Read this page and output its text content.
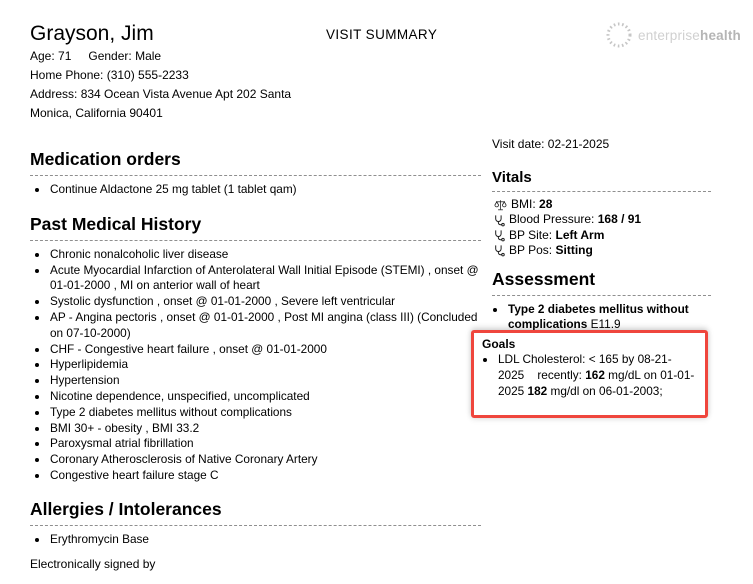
Grayson, Jim	VISIT SUMMARY	enterprisehealth
Age: 71 Gender: Male
Home Phone: (310) 555-2233
Address: 834 Ocean Vista Avenue Apt 202 Santa Monica, California 90401
Medication orders
• Continue Aldactone 25 mg tablet (1 tablet qam)
Past Medical History
• Chronic nonalcoholic liver disease
• Acute Myocardial Infarction of Anterolateral Wall Initial Episode (STEMI) , onset @ 01-01-2000 , MI on anterior wall of heart
• Systolic dysfunction , onset @ 01-01-2000 , Severe left ventricular
• AP - Angina pectoris , onset @ 01-01-2000 , Post MI angina (class III) (Concluded on 07-10-2000)
• CHF - Congestive heart failure , onset @ 01-01-2000
• Hyperlipidemia
• Hypertension
• Nicotine dependence, unspecified, uncomplicated
• Type 2 diabetes mellitus without complications
• BMI 30+ - obesity , BMI 33.2
• Paroxysmal atrial fibrillation
• Coronary Atherosclerosis of Native Coronary Artery
• Congestive heart failure stage C
Allergies / Intolerances
• Erythromycin Base
Electronically signed by
Visit date: 02-21-2025
Vitals
BMI: 28
Blood Pressure: 168 / 91
BP Site: Left Arm
BP Pos: Sitting
Assessment
• Type 2 diabetes mellitus without complications E11.9
Goals
• LDL Cholesterol: < 165 by 08-21-2025    recently: 162 mg/dL on 01-01-2025 182 mg/dl on 06-01-2003;
